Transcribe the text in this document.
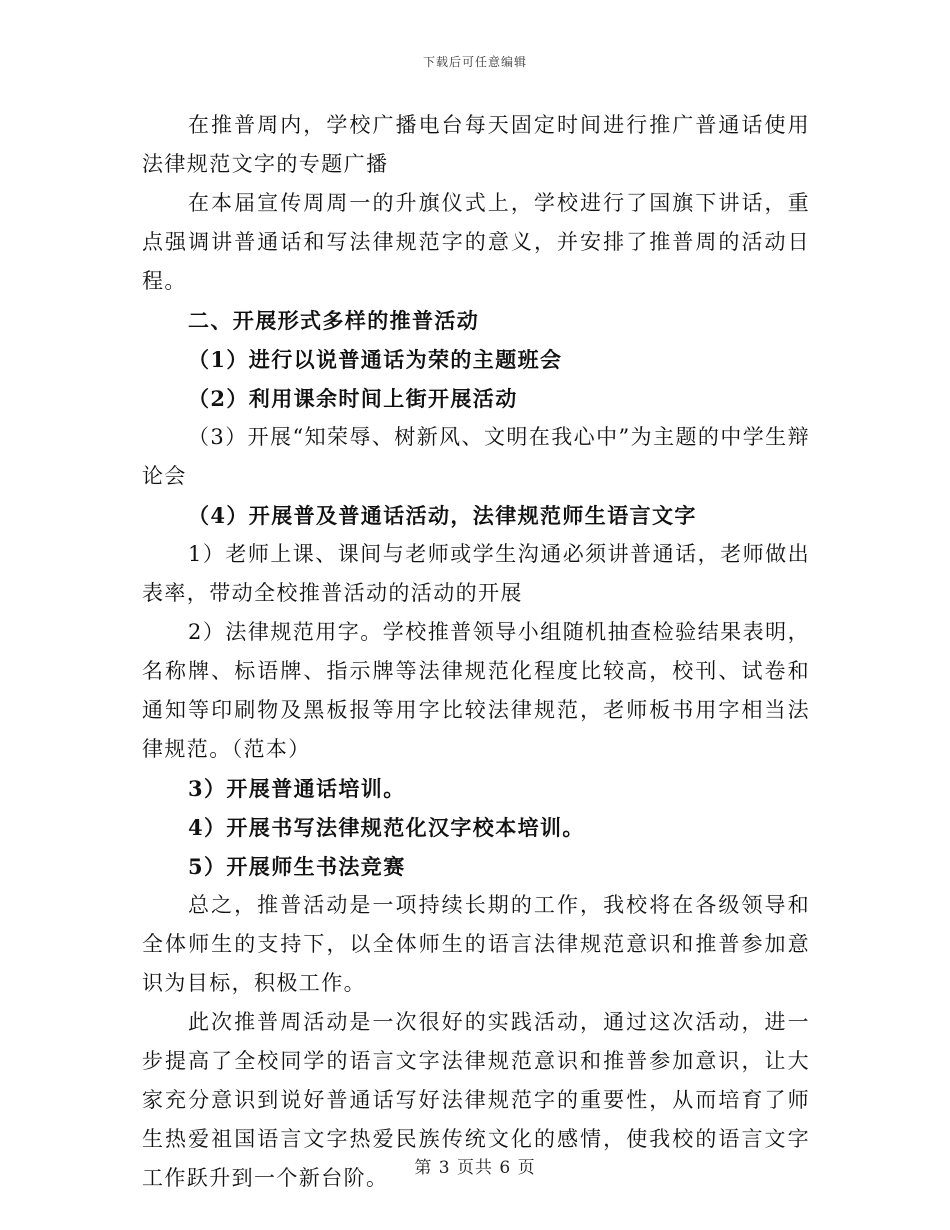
下载后可任意编辑

在推普周内，学校广播电台每天固定时间进行推广普通话使用法律规范文字的专题广播

在本届宣传周周一的升旗仪式上，学校进行了国旗下讲话，重点强调讲普通话和写法律规范字的意义，并安排了推普周的活动日程。

二、开展形式多样的推普活动

（1）进行以说普通话为荣的主题班会

（2）利用课余时间上街开展活动

（3）开展“知荣辱、树新风、文明在我心中”为主题的中学生辩论会

（4）开展普及普通话活动，法律规范师生语言文字

1）老师上课、课间与老师或学生沟通必须讲普通话，老师做出表率，带动全校推普活动的活动的开展

2）法律规范用字。学校推普领导小组随机抽查检验结果表明，名称牌、标语牌、指示牌等法律规范化程度比较高，校刊、试卷和通知等印刷物及黑板报等用字比较法律规范，老师板书用字相当法律规范。（范本）

3）开展普通话培训。

4）开展书写法律规范化汉字校本培训。

5）开展师生书法竞赛

总之，推普活动是一项持续长期的工作，我校将在各级领导和全体师生的支持下，以全体师生的语言法律规范意识和推普参加意识为目标，积极工作。

此次推普周活动是一次很好的实践活动，通过这次活动，进一步提高了全校同学的语言文字法律规范意识和推普参加意识，让大家充分意识到说好普通话写好法律规范字的重要性，从而培育了师生热爱祖国语言文字热爱民族传统文化的感情，使我校的语言文字工作跃升到一个新台阶。	第 3 页共 6 页
